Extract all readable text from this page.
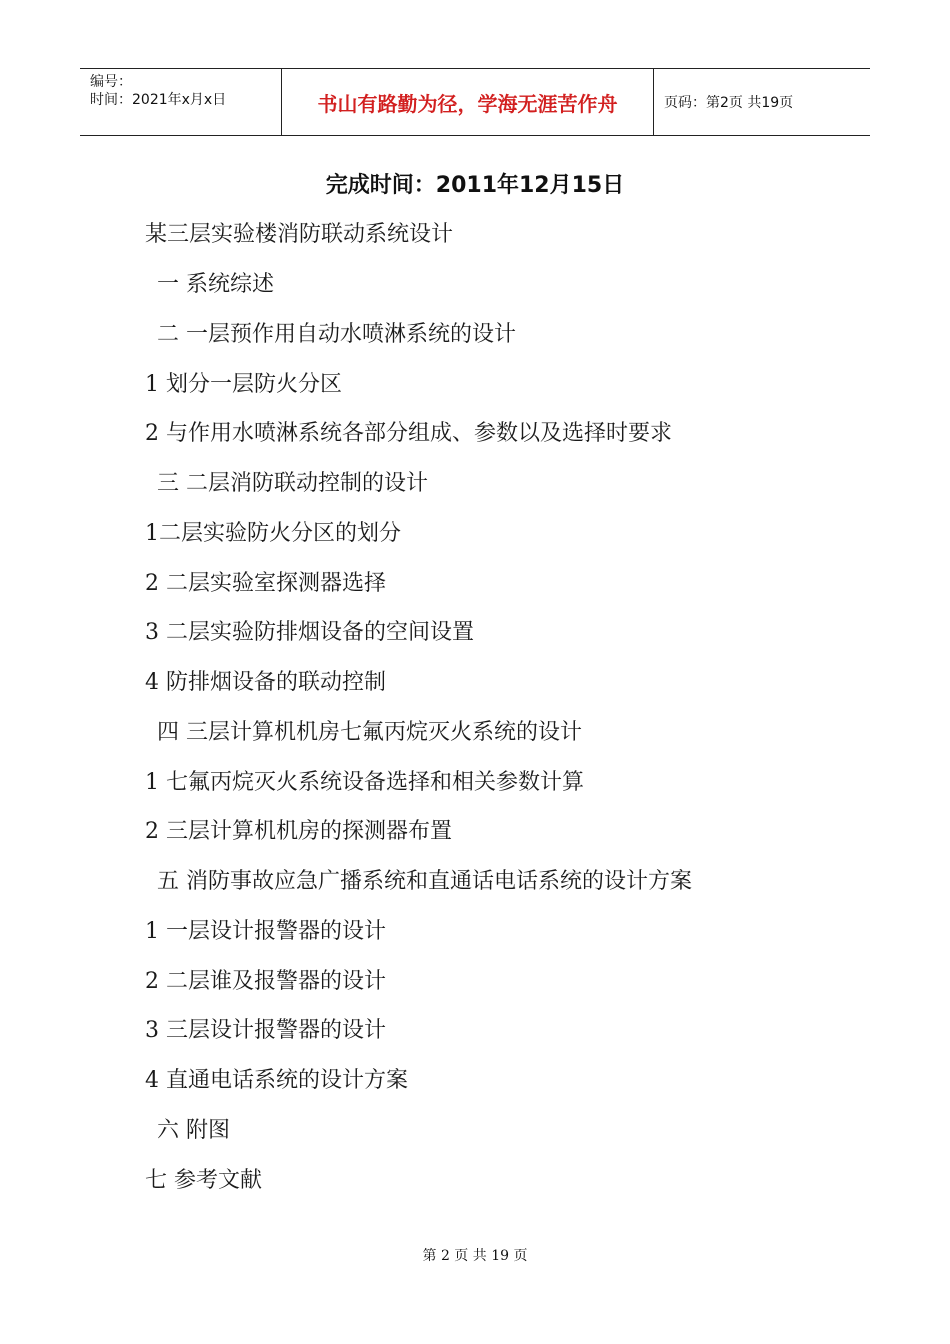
编号：
时间：2021年x月x日	书山有路勤为径，学海无涯苦作舟	页码：第2页 共19页
完成时间：2011年12月15日
某三层实验楼消防联动系统设计
一 系统综述
二 一层预作用自动水喷淋系统的设计
1 划分一层防火分区
2 与作用水喷淋系统各部分组成、参数以及选择时要求
三 二层消防联动控制的设计
1二层实验防火分区的划分
2 二层实验室探测器选择
3 二层实验防排烟设备的空间设置
4 防排烟设备的联动控制
四 三层计算机机房七氟丙烷灭火系统的设计
1 七氟丙烷灭火系统设备选择和相关参数计算
2 三层计算机机房的探测器布置
五 消防事故应急广播系统和直通话电话系统的设计方案
1 一层设计报警器的设计
2 二层谁及报警器的设计
3 三层设计报警器的设计
4 直通电话系统的设计方案
六 附图
七 参考文献
第 2 页 共 19 页
